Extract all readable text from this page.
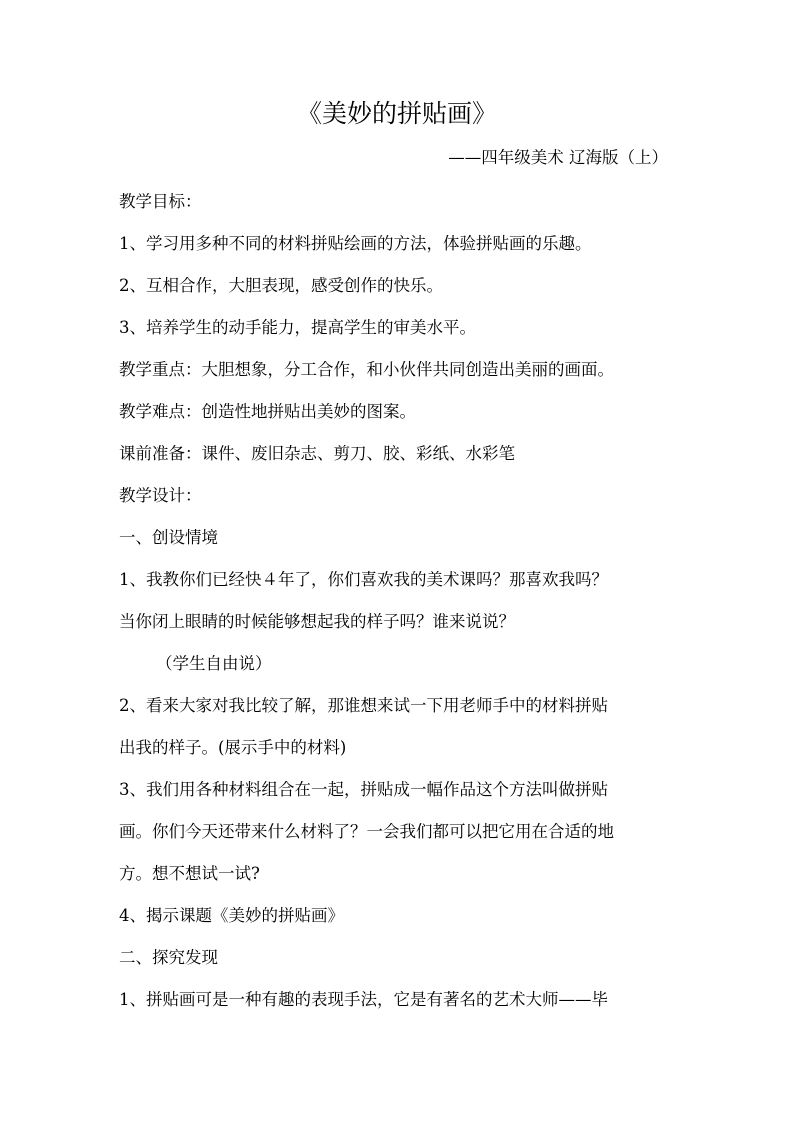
《美妙的拼贴画》
——四年级美术 辽海版（上）
教学目标：
1、学习用多种不同的材料拼贴绘画的方法，体验拼贴画的乐趣。
2、互相合作，大胆表现，感受创作的快乐。
3、培养学生的动手能力，提高学生的审美水平。
教学重点：大胆想象，分工合作，和小伙伴共同创造出美丽的画面。
教学难点：创造性地拼贴出美妙的图案。
课前准备：课件、废旧杂志、剪刀、胶、彩纸、水彩笔
教学设计：
一、创设情境
1、我教你们已经快４年了，你们喜欢我的美术课吗？那喜欢我吗？
当你闭上眼睛的时候能够想起我的样子吗？谁来说说？
（学生自由说）
2、看来大家对我比较了解，那谁想来试一下用老师手中的材料拼贴
出我的样子。(展示手中的材料)
3、我们用各种材料组合在一起，拼贴成一幅作品这个方法叫做拼贴
画。你们今天还带来什么材料了？一会我们都可以把它用在合适的地
方。想不想试一试?
4、揭示课题《美妙的拼贴画》
二、探究发现
1、拼贴画可是一种有趣的表现手法，它是有著名的艺术大师——毕
